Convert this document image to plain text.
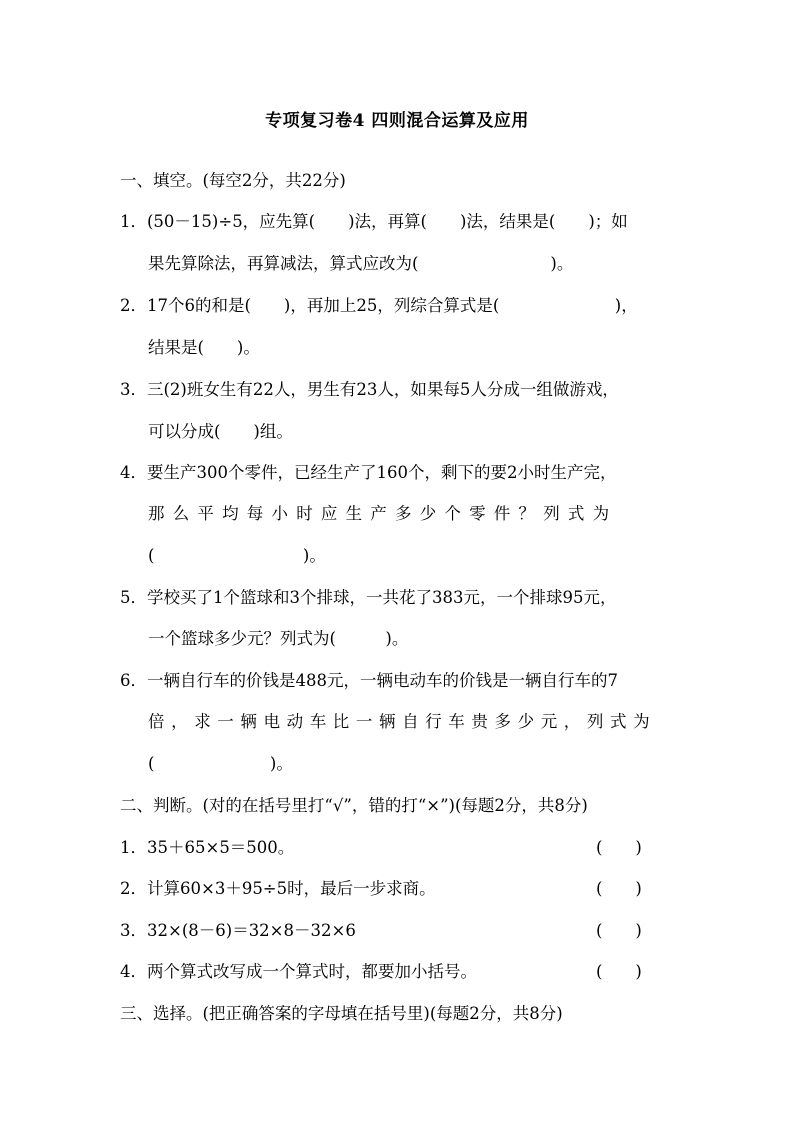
专项复习卷4 四则混合运算及应用
一、填空。(每空2分，共22分)
1．(50－15)÷5，应先算(　　)法，再算(　　)法，结果是(　　)；如
果先算除法，再算减法，算式应改为(　　　　　　　　)。
2．17个6的和是(　　)，再加上25，列综合算式是(　　　　　　　)，
结果是(　　)。
3．三(2)班女生有22人，男生有23人，如果每5人分成一组做游戏，
可以分成(　　)组。
4．要生产300个零件，已经生产了160个，剩下的要2小时生产完，
那么平均每小时应生产多少个零件？列式为
(　　　　　　　　　)。
5．学校买了1个篮球和3个排球，一共花了383元，一个排球95元，
一个篮球多少元？列式为(　　　)。
6．一辆自行车的价钱是488元，一辆电动车的价钱是一辆自行车的7
倍，求一辆电动车比一辆自行车贵多少元，列式为
(　　　　　　　)。
二、判断。(对的在括号里打“√”，错的打“×”)(每题2分，共8分)
1．35＋65×5＝500。	(　　)
2．计算60×3＋95÷5时，最后一步求商。	(　　)
3．32×(8－6)＝32×8－32×6	(　　)
4．两个算式改写成一个算式时，都要加小括号。	(　　)
三、选择。(把正确答案的字母填在括号里)(每题2分，共8分)
